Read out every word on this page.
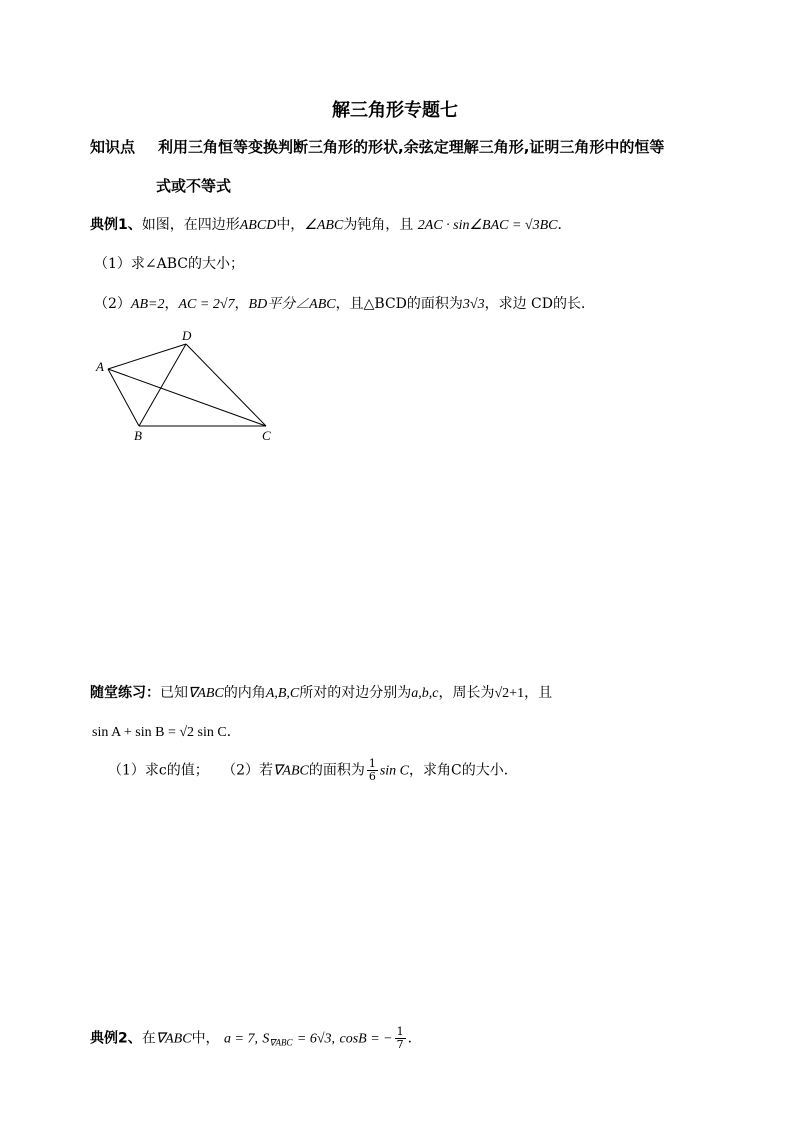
解三角形专题七
知识点 利用三角恒等变换判断三角形的形状,余弦定理解三角形,证明三角形中的恒等
式或不等式
典例1、如图，在四边形ABCD中，∠ABC为钝角，且 2AC · sin∠BAC = √3BC．
（1）求∠ABC的大小；
（2）AB=2，AC = 2√7，BD平分∠ABC，且△BCD的面积为3√3，求边 CD的长．
A
B	C
D
随堂练习：已知∇ABC的内角A,B,C所对的对边分别为a,b,c，周长为√2+1，且
sin A + sin B = √2 sin C．
（1）求c的值； （2）若∇ABC的面积为 $\frac{1}{6}$ sin C，求角C的大小．
典例2、在∇ABC中， a = 7, $S_{\nabla ABC} = 6√3$, cosB = − $\frac{1}{7}$ ．
